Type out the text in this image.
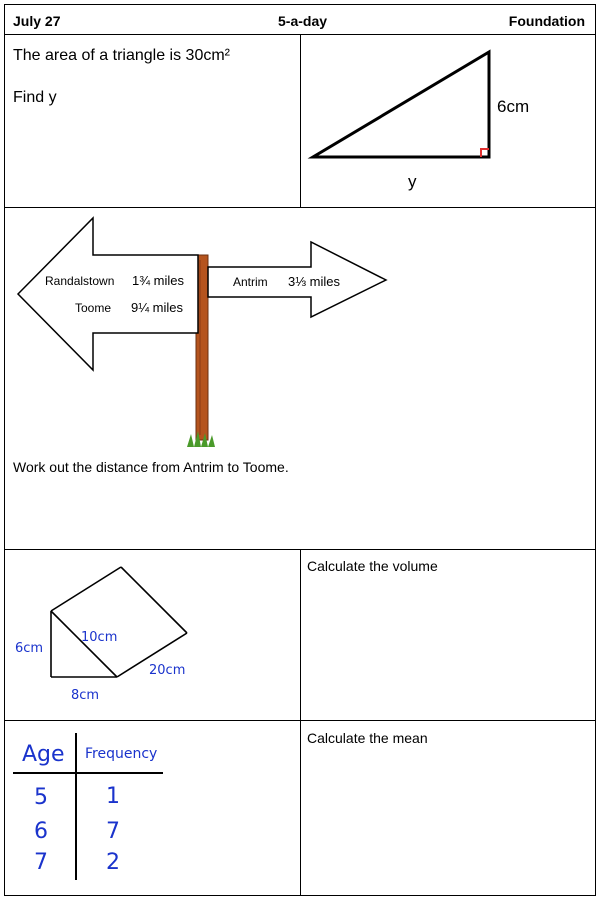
July 27	5-a-day	Foundation
The area of a triangle is 30cm²
Find y	6cm
y
Randalstown 1¾ miles
Toome 9¼ miles
Antrim 3⅓ miles
Work out the distance from Antrim to Toome.
6cm
10cm
20cm
8cm
Calculate the volume
Age Frequency
5	1
6	7
7	2
Calculate the mean
